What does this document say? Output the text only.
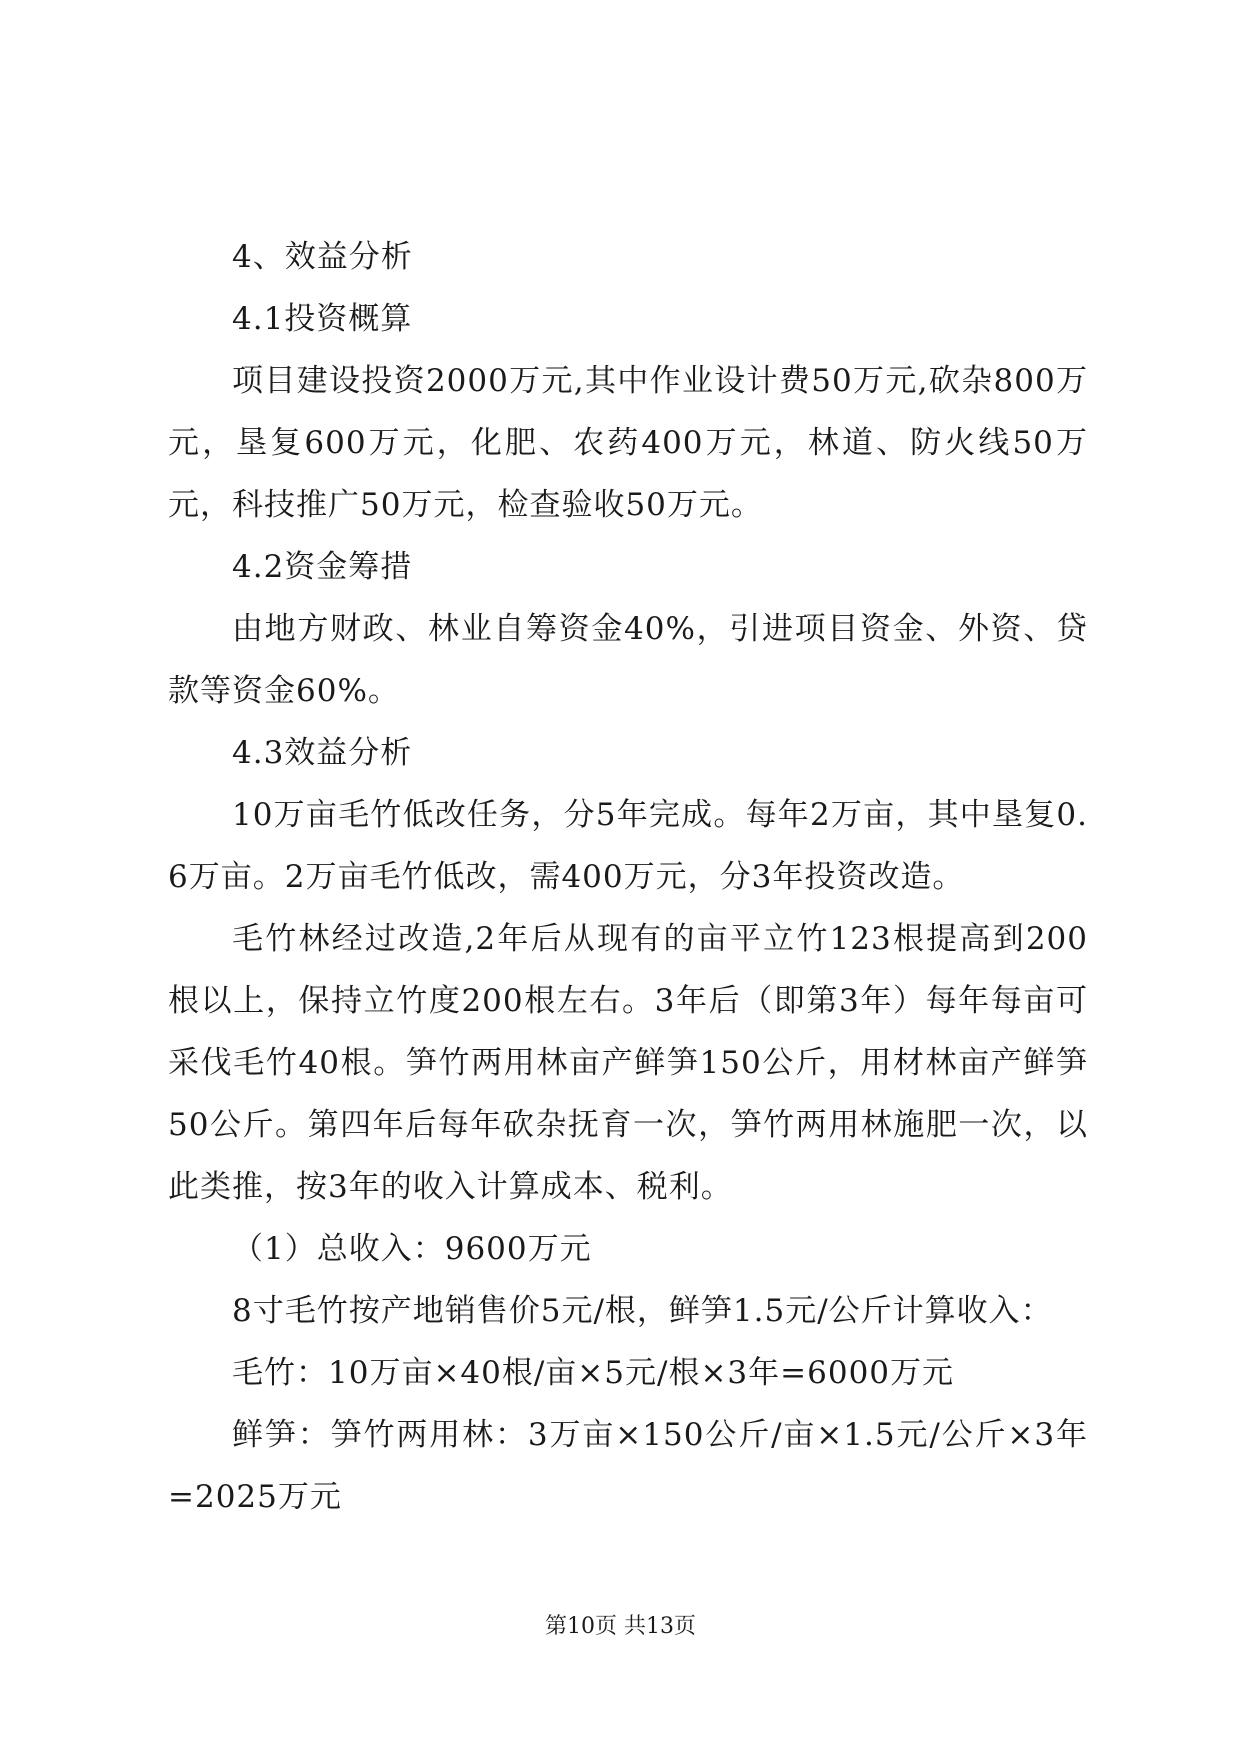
4、效益分析

4.1投资概算

项目建设投资2000万元,其中作业设计费50万元,砍杂800万元，垦复600万元，化肥、农药400万元，林道、防火线50万元，科技推广50万元，检查验收50万元。

4.2资金筹措

由地方财政、林业自筹资金40%，引进项目资金、外资、贷款等资金60%。

4.3效益分析

10万亩毛竹低改任务，分5年完成。每年2万亩，其中垦复0.6万亩。2万亩毛竹低改，需400万元，分3年投资改造。

毛竹林经过改造,2年后从现有的亩平立竹123根提高到200根以上，保持立竹度200根左右。3年后（即第3年）每年每亩可采伐毛竹40根。笋竹两用林亩产鲜笋150公斤，用材林亩产鲜笋50公斤。第四年后每年砍杂抚育一次，笋竹两用林施肥一次，以此类推，按3年的收入计算成本、税利。

（1）总收入：9600万元

8寸毛竹按产地销售价5元/根，鲜笋1.5元/公斤计算收入：

毛竹：10万亩×40根/亩×5元/根×3年=6000万元

鲜笋：笋竹两用林：3万亩×150公斤/亩×1.5元/公斤×3年=2025万元

第10页 共13页
